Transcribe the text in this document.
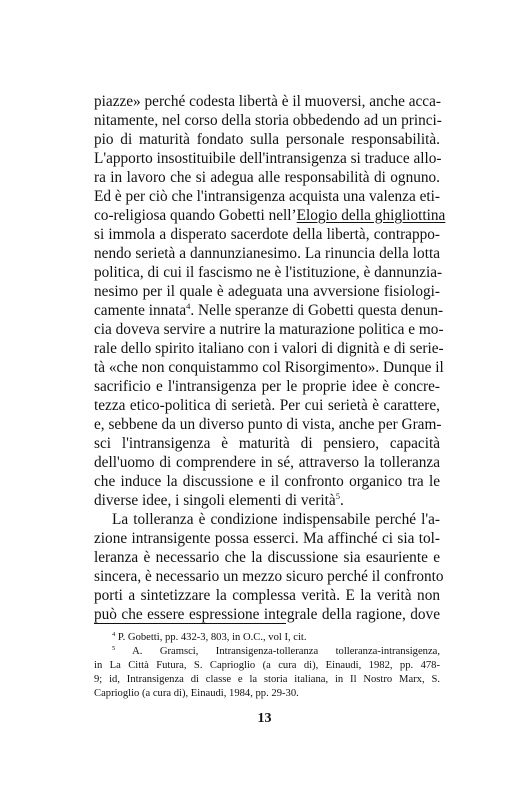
piazze» perché codesta libertà è il muoversi, anche acca-
nitamente, nel corso della storia obbedendo ad un princi-
pio di maturità fondato sulla personale responsabilità.
L'apporto insostituibile dell'intransigenza si traduce allo-
ra in lavoro che si adegua alle responsabilità di ognuno.
Ed è per ciò che l'intransigenza acquista una valenza eti-
co-religiosa quando Gobetti nell’Elogio della ghigliottina
si immola a disperato sacerdote della libertà, contrappo-
nendo serietà a dannunzianesimo. La rinuncia della lotta
politica, di cui il fascismo ne è l'istituzione, è dannunzia-
nesimo per il quale è adeguata una avversione fisiologi-
camente innata$^4$. Nelle speranze di Gobetti questa denun-
cia doveva servire a nutrire la maturazione politica e mo-
rale dello spirito italiano con i valori di dignità e di serie-
tà «che non conquistammo col Risorgimento». Dunque il
sacrificio e l'intransigenza per le proprie idee è concre-
tezza etico-politica di serietà. Per cui serietà è carattere,
e, sebbene da un diverso punto di vista, anche per Gram-
sci l'intransigenza è maturità di pensiero, capacità
dell'uomo di comprendere in sé, attraverso la tolleranza
che induce la discussione e il confronto organico tra le
diverse idee, i singoli elementi di verità$^5$.
La tolleranza è condizione indispensabile perché l'a-
zione intransigente possa esserci. Ma affinché ci sia tol-
leranza è necessario che la discussione sia esauriente e
sincera, è necessario un mezzo sicuro perché il confronto
porti a sintetizzare la complessa verità. E la verità non
può che essere espressione integrale della ragione, dove
$^4$ P. Gobetti, pp. 432-3, 803, in O.C., vol I, cit.
$^5$ A. Gramsci, Intransigenza-tolleranza tolleranza-intransigenza,
in La Città Futura, S. Caprioglio (a cura di), Einaudi, 1982, pp. 478-
9; id, Intransigenza di classe e la storia italiana, in Il Nostro Marx, S.
Caprioglio (a cura di), Einaudi, 1984, pp. 29-30.
13
